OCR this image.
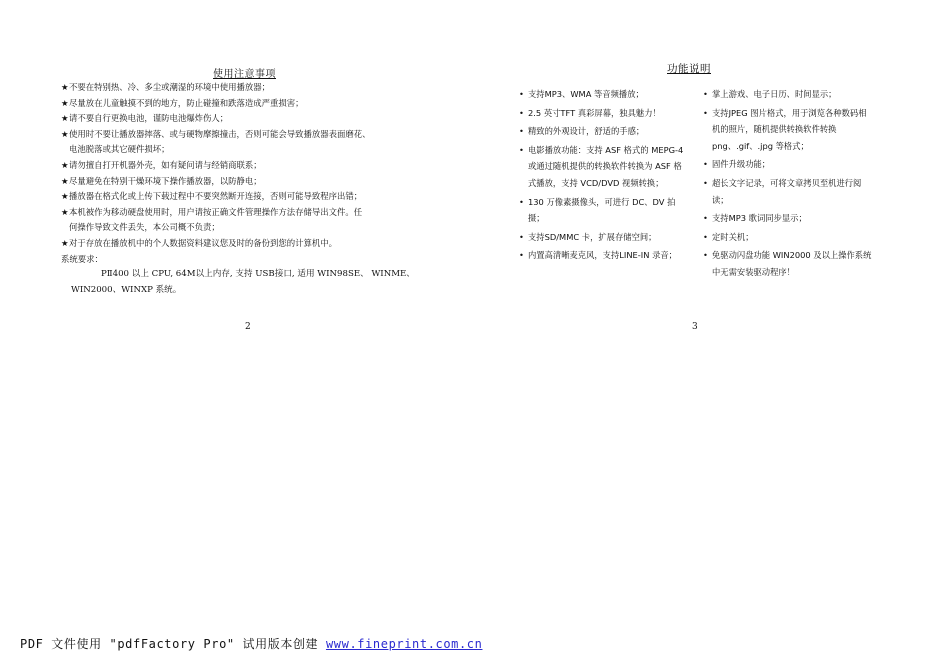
使用注意事项
★ 不要在特别热、冷、多尘或潮湿的环境中使用播放器；
★ 尽量放在儿童触摸不到的地方，防止碰撞和跌落造成严重损害；
★ 请不要自行更换电池，谨防电池爆炸伤人；
★ 使用时不要让播放器摔落、或与硬物摩擦撞击，否则可能会导致播放器表面磨花、
电池脱落或其它硬件损坏；
★ 请勿擅自打开机器外壳，如有疑问请与经销商联系；
★ 尽量避免在特别干燥环境下操作播放器，以防静电；
★ 播放器在格式化或上传下载过程中不要突然断开连接，否则可能导致程序出错；
★ 本机被作为移动硬盘使用时，用户请按正确文件管理操作方法存储导出文件。任
何操作导致文件丢失，本公司概不负责；
★ 对于存放在播放机中的个人数据资料建议您及时的备份到您的计算机中。
系统要求：
PⅡ400 以上 CPU, 64M以上内存, 支持 USB接口, 适用 WIN98SE、 WINME、
WIN2000、WINXP 系统。
2
功能说明
• 支持MP3、WMA 等音频播放；
• 2.5 英寸TFT 真彩屏幕，独具魅力！
• 精致的外观设计，舒适的手感；
• 电影播放功能：支持 ASF 格式的 MEPG-4 或通过随机提供的转换软件转换为 ASF 格式播放，支持 VCD/DVD 视频转换；
• 130 万像素摄像头，可进行 DC、DV 拍摄；
• 支持SD/MMC 卡，扩展存储空间；
• 内置高清晰麦克风，支持LINE-IN 录音；
• 掌上游戏、电子日历、时间显示；
• 支持JPEG 图片格式，用于浏览各种数码相机的照片，随机提供转换软件转换 png、.gif、.jpg 等格式；
• 固件升级功能；
• 超长文字记录，可将文章拷贝至机进行阅读；
• 支持MP3 歌词同步显示；
• 定时关机；
• 免驱动闪盘功能 WIN2000 及以上操作系统中无需安装驱动程序！
3
PDF 文件使用 "pdfFactory Pro" 试用版本创建 www.fineprint.com.cn
